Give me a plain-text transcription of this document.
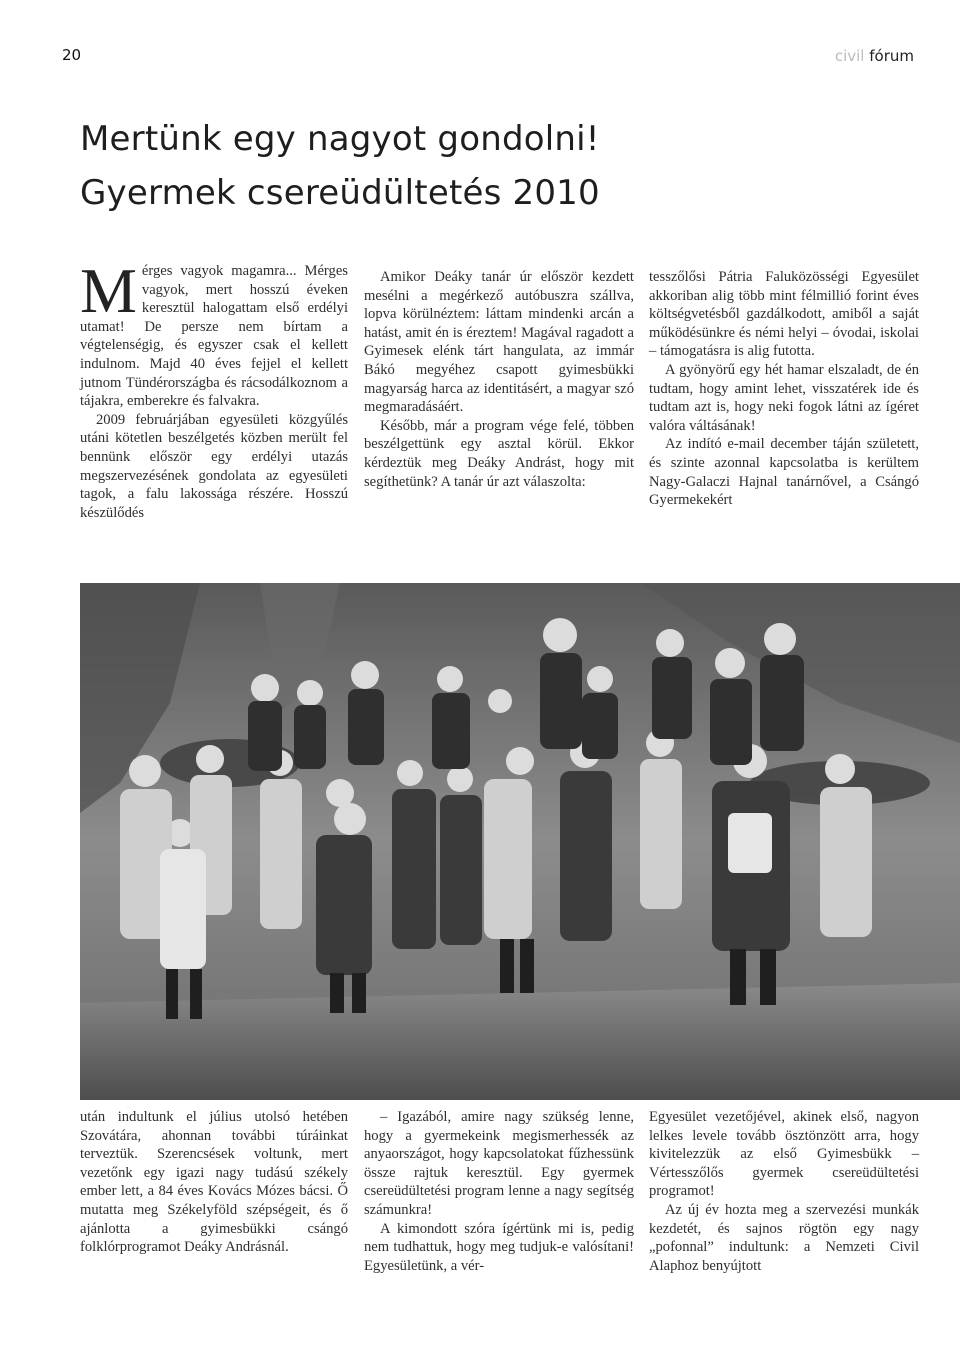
20	civil fórum
Mertünk egy nagyot gondolni!
Gyermek csereüdültetés 2010

Mérges vagyok magamra... Mérges vagyok, mert hosszú éveken keresztül halogattam első erdélyi utamat! De persze nem bírtam a végtelenségig, és egyszer csak el kellett indulnom. Majd 40 éves fejjel el kellett jutnom Tündérországba és rácsodálkoznom a tájakra, emberekre és falvakra.

2009 februárjában egyesületi közgyűlés utáni kötetlen beszélgetés közben merült fel bennünk először egy erdélyi utazás megszervezésének gondolata az egyesületi tagok, a falu lakossága részére. Hosszú készülődés

Amikor Deáky tanár úr először kezdett mesélni a megérkező autóbuszra szállva, lopva körülnéztem: láttam mindenki arcán a hatást, amit én is éreztem! Magával ragadott a Gyimesek elénk tárt hangulata, az immár Bákó megyéhez csapott gyimesbükki magyarság harca az identitásért, a magyar szó megmaradásáért.

Később, már a program vége felé, többen beszélgettünk egy asztal körül. Ekkor kérdeztük meg Deáky Andrást, hogy mit segíthetünk? A tanár úr azt válaszolta:

tesszőlősi Pátria Faluközösségi Egyesület akkoriban alig több mint félmillió forint éves költségvetésből gazdálkodott, amiből a saját működésünkre és némi helyi – óvodai, iskolai – támogatásra is alig futotta.

A gyönyörű egy hét hamar elszaladt, de én tudtam, hogy amint lehet, visszatérek ide és tudtam azt is, hogy neki fogok látni az ígéret valóra váltásának!

Az indító e-mail december táján született, és szinte azonnal kapcsolatba is kerültem Nagy-Galaczi Hajnal tanárnővel, a Csángó Gyermekekért

után indultunk el július utolsó hetében Szovátára, ahonnan további túráinkat terveztük. Szerencsések voltunk, mert vezetőnk egy igazi nagy tudású székely ember lett, a 84 éves Kovács Mózes bácsi. Ő mutatta meg Székelyföld szépségeit, és ő ajánlotta a gyimesbükki csángó folklórprogramot Deáky Andrásnál.

– Igazából, amire nagy szükség lenne, hogy a gyermekeink megismerhessék az anyaországot, hogy kapcsolatokat fűzhessünk össze rajtuk keresztül. Egy gyermek csereüdültetési program lenne a nagy segítség számunkra!

A kimondott szóra ígértünk mi is, pedig nem tudhattuk, hogy meg tudjuk-e valósítani! Egyesületünk, a vér-

Egyesület vezetőjével, akinek első, nagyon lelkes levele tovább ösztönzött arra, hogy kivitelezzük az első Gyimesbükk – Vértesszőlős gyermek csereüdültetési programot!

Az új év hozta meg a szervezési munkák kezdetét, és sajnos rögtön egy nagy „pofonnal” indultunk: a Nemzeti Civil Alaphoz benyújtott
